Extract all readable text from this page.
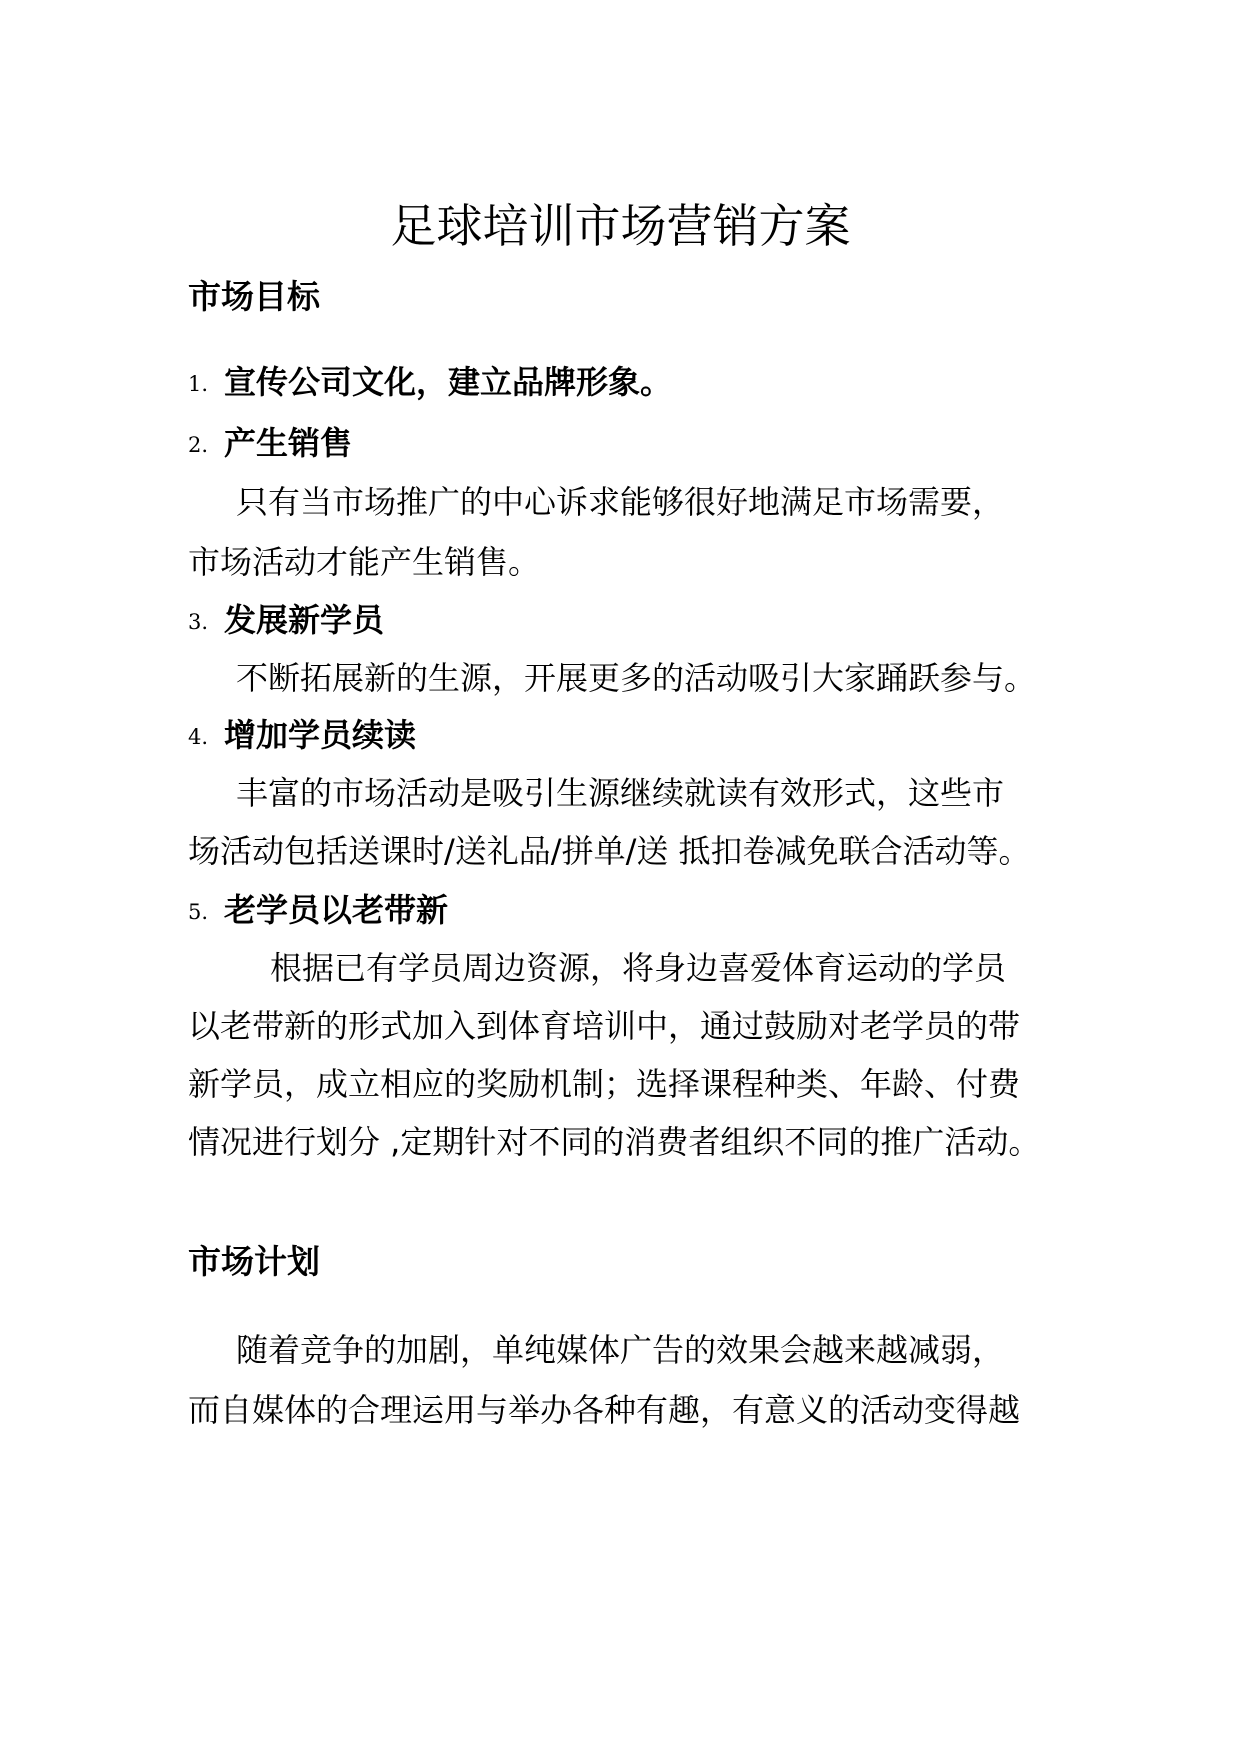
足球培训市场营销方案
市场目标
1. 宣传公司文化，建立品牌形象。
2. 产生销售

只有当市场推广的中心诉求能够很好地满足市场需要，

市场活动才能产生销售。

3. 发展新学员

不断拓展新的生源，开展更多的活动吸引大家踊跃参与。

4. 增加学员续读

丰富的市场活动是吸引生源继续就读有效形式，这些市

场活动包括送课时/送礼品/拼单/送 抵扣卷减免联合活动等。

5. 老学员以老带新

根据已有学员周边资源，将身边喜爱体育运动的学员

以老带新的形式加入到体育培训中，通过鼓励对老学员的带

新学员，成立相应的奖励机制；选择课程种类、年龄、付费

情况进行划分 ,定期针对不同的消费者组织不同的推广活动。

市场计划

随着竞争的加剧，单纯媒体广告的效果会越来越减弱，

而自媒体的合理运用与举办各种有趣，有意义的活动变得越
